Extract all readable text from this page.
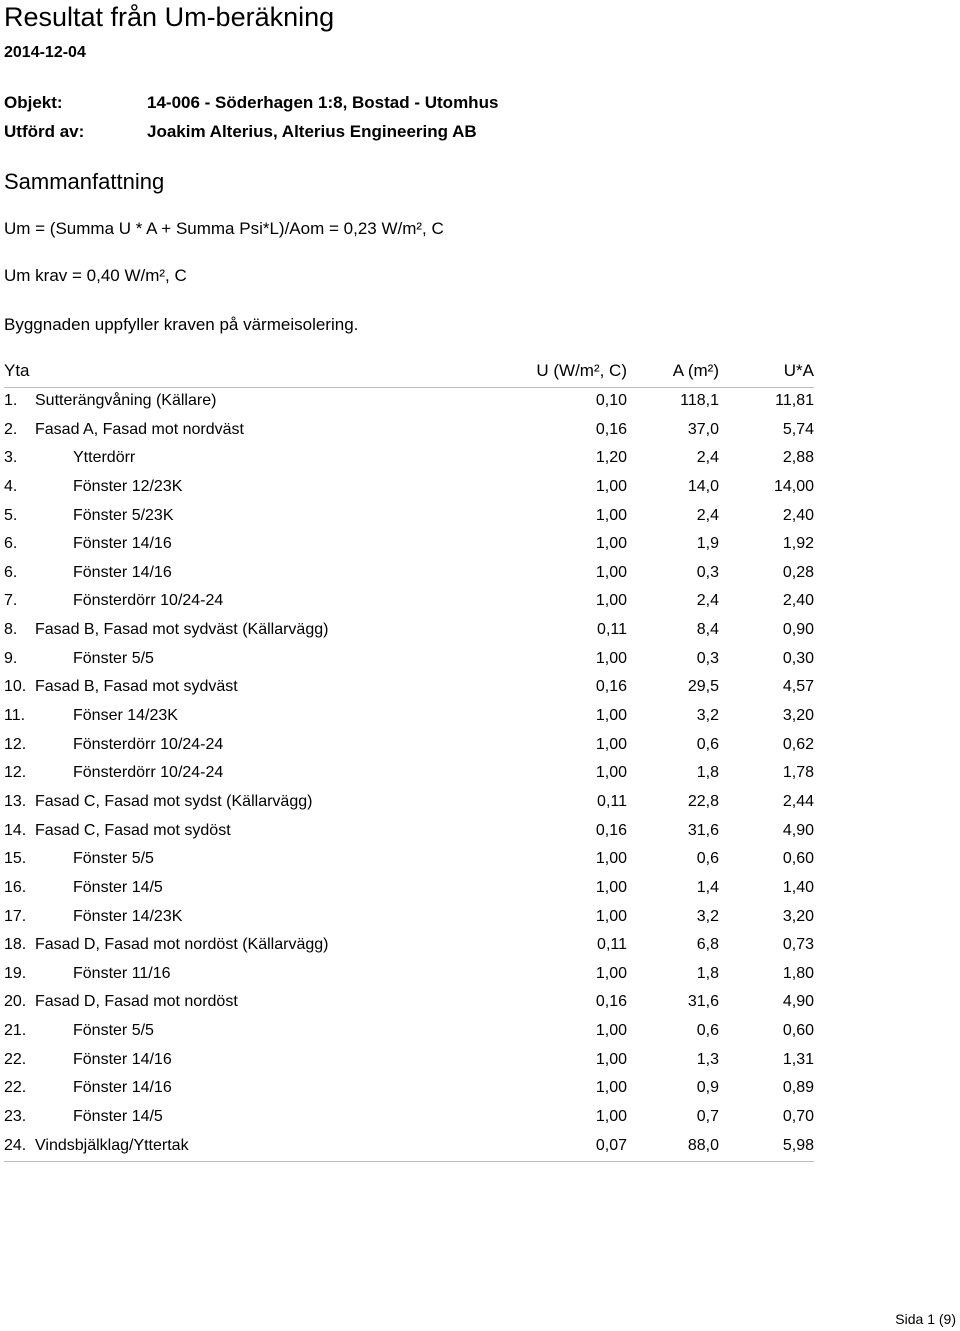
Resultat från Um-beräkning
2014-12-04
Objekt:	14-006 - Söderhagen 1:8, Bostad - Utomhus
Utförd av:	Joakim Alterius, Alterius Engineering AB
Sammanfattning
Um = (Summa U * A + Summa Psi*L)/Aom = 0,23 W/m², C
Um krav = 0,40 W/m², C
Byggnaden uppfyller kraven på värmeisolering.
Yta	U (W/m², C)	A (m²)	U*A
1. Sutterängvåning (Källare)	0,10	118,1	11,81
2. Fasad A, Fasad mot nordväst	0,16	37,0	5,74
3.	Ytterdörr	1,20	2,4	2,88
4.	Fönster 12/23K	1,00	14,0	14,00
5.	Fönster 5/23K	1,00	2,4	2,40
6.	Fönster 14/16	1,00	1,9	1,92
6.	Fönster 14/16	1,00	0,3	0,28
7.	Fönsterdörr 10/24-24	1,00	2,4	2,40
8. Fasad B, Fasad mot sydväst (Källarvägg)	0,11	8,4	0,90
9.	Fönster 5/5	1,00	0,3	0,30
10. Fasad B, Fasad mot sydväst	0,16	29,5	4,57
11.	Fönser 14/23K	1,00	3,2	3,20
12.	Fönsterdörr 10/24-24	1,00	0,6	0,62
12.	Fönsterdörr 10/24-24	1,00	1,8	1,78
13. Fasad C, Fasad mot sydst (Källarvägg)	0,11	22,8	2,44
14. Fasad C, Fasad mot sydöst	0,16	31,6	4,90
15.	Fönster 5/5	1,00	0,6	0,60
16.	Fönster 14/5	1,00	1,4	1,40
17.	Fönster 14/23K	1,00	3,2	3,20
18. Fasad D, Fasad mot nordöst (Källarvägg)	0,11	6,8	0,73
19.	Fönster 11/16	1,00	1,8	1,80
20. Fasad D, Fasad mot nordöst	0,16	31,6	4,90
21.	Fönster 5/5	1,00	0,6	0,60
22.	Fönster 14/16	1,00	1,3	1,31
22.	Fönster 14/16	1,00	0,9	0,89
23.	Fönster 14/5	1,00	0,7	0,70
24. Vindsbjälklag/Yttertak	0,07	88,0	5,98
Sida 1 (9)
